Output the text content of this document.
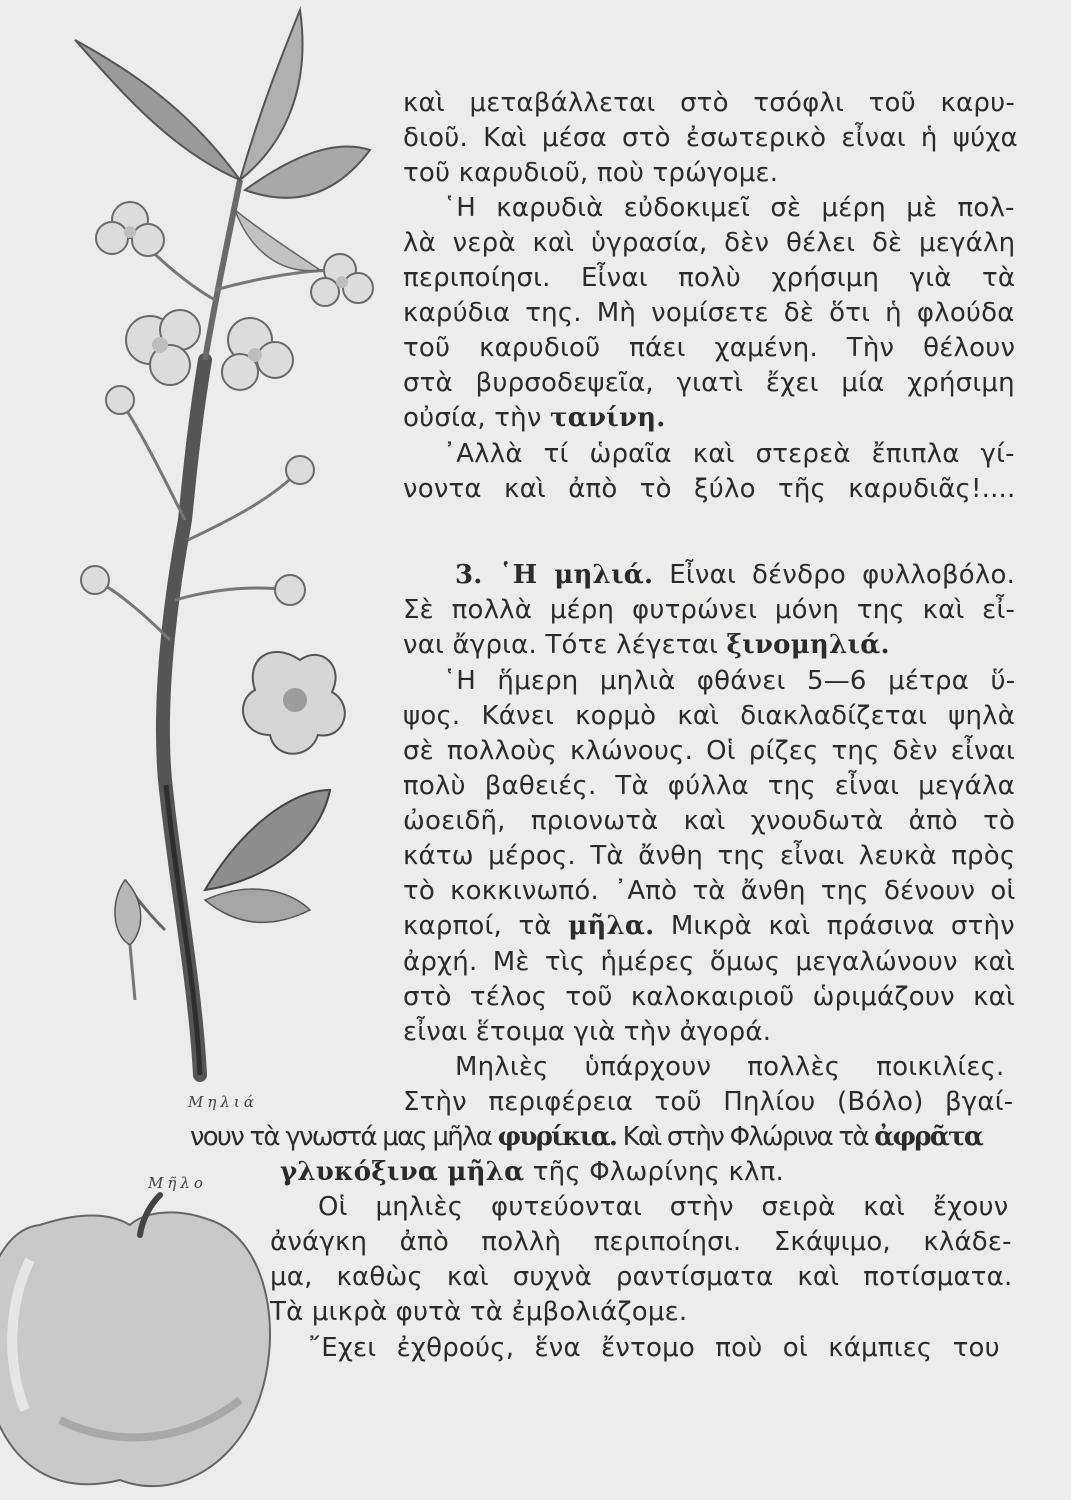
Μηλιά
Μῆλο
καὶ μεταβάλλεται στὸ τσόφλι τοῦ καρυ-
διοῦ. Καὶ μέσα στὸ ἐσωτερικὸ εἶναι ἡ ψύχα
τοῦ καρυδιοῦ, ποὺ τρώγομε.
῾Η καρυδιὰ εὐδοκιμεῖ σὲ μέρη μὲ πολ-
λὰ νερὰ καὶ ὑγρασία, δὲν θέλει δὲ μεγάλη
περιποίησι. Εἶναι πολὺ χρήσιμη γιὰ τὰ
καρύδια της. Μὴ νομίσετε δὲ ὅτι ἡ φλούδα
τοῦ καρυδιοῦ πάει χαμένη. Τὴν θέλουν
στὰ βυρσοδεψεῖα, γιατὶ ἔχει μία χρήσιμη
οὐσία, τὴν τανίνη.
᾿Αλλὰ τί ὡραῖα καὶ στερεὰ ἔπιπλα γί-
νοντα καὶ ἀπὸ τὸ ξύλο τῆς καρυδιᾶς!....
3. ῾Η μηλιά. Εἶναι δένδρο φυλλοβόλο.
Σὲ πολλὰ μέρη φυτρώνει μόνη της καὶ εἶ-
ναι ἄγρια. Τότε λέγεται ξινομηλιά.
῾Η ἥμερη μηλιὰ φθάνει 5—6 μέτρα ὕ-
ψος. Κάνει κορμὸ καὶ διακλαδίζεται ψηλὰ
σὲ πολλοὺς κλώνους. Οἱ ρίζες της δὲν εἶναι
πολὺ βαθειές. Τὰ φύλλα της εἶναι μεγάλα
ὠοειδῆ, πριονωτὰ καὶ χνουδωτὰ ἀπὸ τὸ
κάτω μέρος. Τὰ ἄνθη της εἶναι λευκὰ πρὸς
τὸ κοκκινωπό. ᾿Απὸ τὰ ἄνθη της δένουν οἱ
καρποί, τὰ μῆλα. Μικρὰ καὶ πράσινα στὴν
ἀρχή. Μὲ τὶς ἡμέρες ὅμως μεγαλώνουν καὶ
στὸ τέλος τοῦ καλοκαιριοῦ ὡριμάζουν καὶ
εἶναι ἕτοιμα γιὰ τὴν ἀγορά.
Μηλιὲς ὑπάρχουν πολλὲς ποικιλίες.
Στὴν περιφέρεια τοῦ Πηλίου (Βόλο) βγαί-
νουν τὰ γνωστά μας μῆλα φυρίκια. Καὶ στὴν Φλώρινα τὰ ἀφρᾶτα
γλυκόξινα μῆλα τῆς Φλωρίνης κλπ.
Οἱ μηλιὲς φυτεύονται στὴν σειρὰ καὶ ἔχουν
ἀνάγκη ἀπὸ πολλὴ περιποίησι. Σκάψιμο, κλάδε-
μα, καθὼς καὶ συχνὰ ραντίσματα καὶ ποτίσματα.
Τὰ μικρὰ φυτὰ τὰ ἐμβολιάζομε.
῎Εχει ἐχθρούς, ἕνα ἔντομο ποὺ οἱ κάμπιες του
